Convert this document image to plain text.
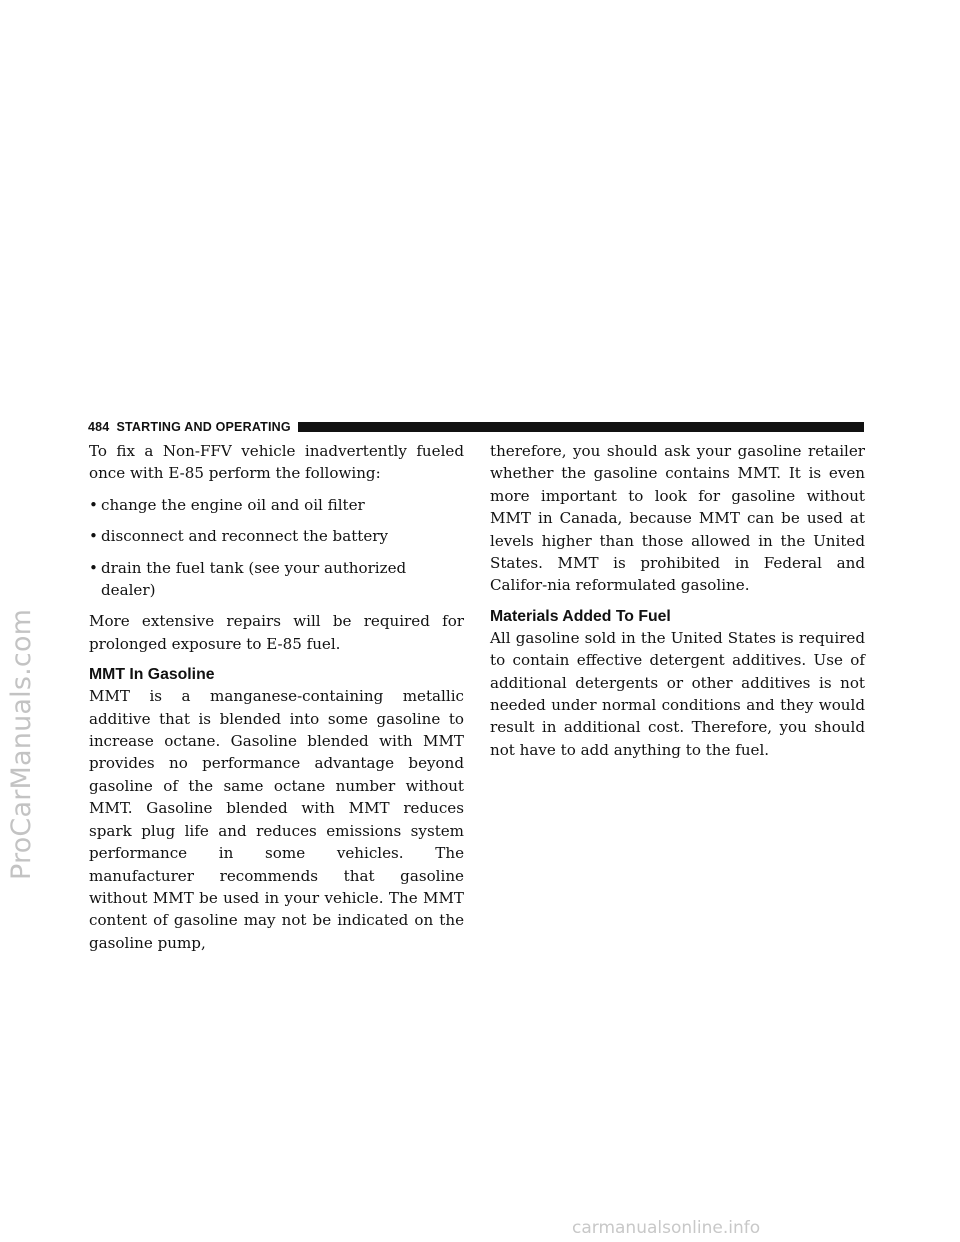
ProCarManuals.com
484 STARTING AND OPERATING

To fix a Non-FFV vehicle inadvertently fueled once with E-85 perform the following:

• change the engine oil and oil filter
• disconnect and reconnect the battery
• drain the fuel tank (see your authorized dealer)

More extensive repairs will be required for prolonged exposure to E-85 fuel.

MMT In Gasoline

MMT is a manganese-containing metallic additive that is blended into some gasoline to increase octane. Gasoline blended with MMT provides no performance advantage beyond gasoline of the same octane number without MMT. Gasoline blended with MMT reduces spark plug life and reduces emissions system performance in some vehicles. The manufacturer recommends that gasoline without MMT be used in your vehicle. The MMT content of gasoline may not be indicated on the gasoline pump,

therefore, you should ask your gasoline retailer whether the gasoline contains MMT. It is even more important to look for gasoline without MMT in Canada, because MMT can be used at levels higher than those allowed in the United States. MMT is prohibited in Federal and Califor-nia reformulated gasoline.

Materials Added To Fuel

All gasoline sold in the United States is required to contain effective detergent additives. Use of additional detergents or other additives is not needed under normal conditions and they would result in additional cost. Therefore, you should not have to add anything to the fuel.

carmanualsonline.info
